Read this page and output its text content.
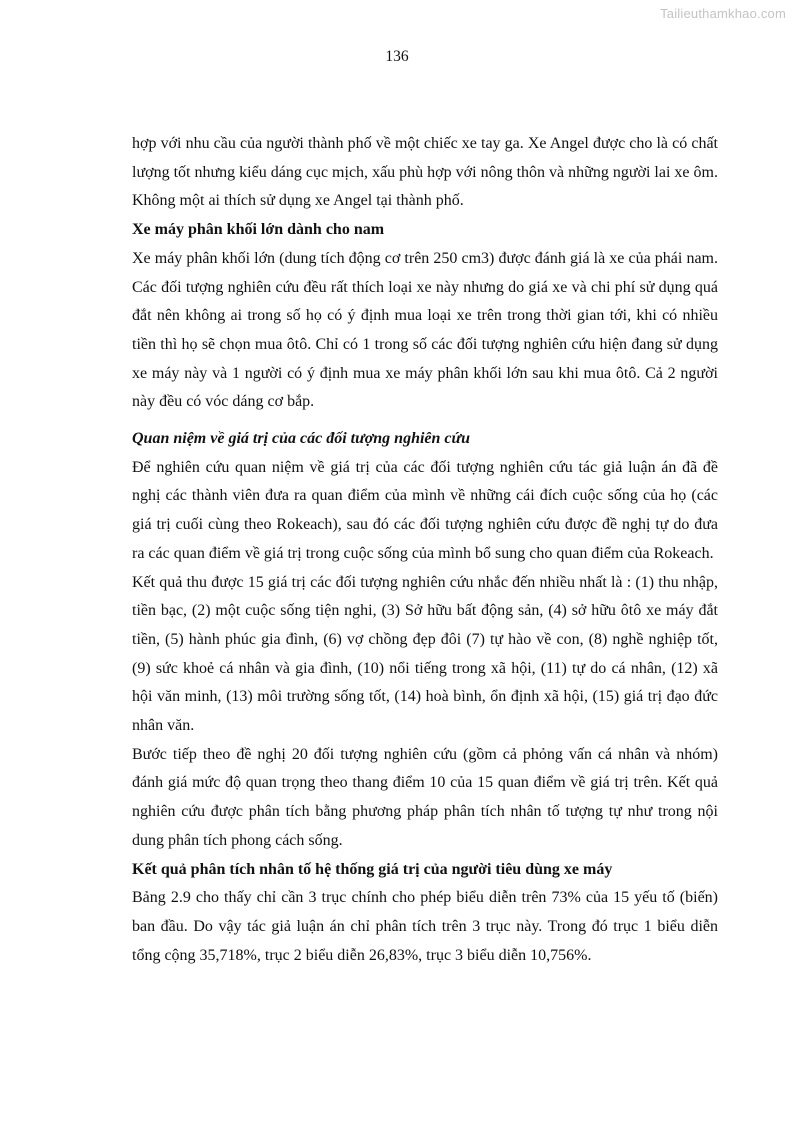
Tailieuthamkhao.com
136

hợp với nhu cầu của người thành phố về một chiếc xe tay ga. Xe Angel được cho là có chất lượng tốt nhưng kiểu dáng cục mịch, xấu phù hợp với nông thôn và những người lai xe ôm. Không một ai thích sử dụng xe Angel tại thành phố.

Xe máy phân khối lớn dành cho nam

Xe máy phân khối lớn (dung tích động cơ trên 250 cm3) được đánh giá là xe của phái nam. Các đối tượng nghiên cứu đều rất thích loại xe này nhưng do giá xe và chi phí sử dụng quá đắt nên không ai trong số họ có ý định mua loại xe trên trong thời gian tới, khi có nhiều tiền thì họ sẽ chọn mua ôtô. Chỉ có 1 trong số các đối tượng nghiên cứu hiện đang sử dụng xe máy này và 1 người có ý định mua xe máy phân khối lớn sau khi mua ôtô. Cả 2 người này đều có vóc dáng cơ bắp.

Quan niệm về giá trị của các đối tượng nghiên cứu

Để nghiên cứu quan niệm về giá trị của các đối tượng nghiên cứu tác giả luận án đã đề nghị các thành viên đưa ra quan điểm của mình về những cái đích cuộc sống của họ (các giá trị cuối cùng theo Rokeach), sau đó các đối tượng nghiên cứu được đề nghị tự do đưa ra các quan điểm về giá trị trong cuộc sống của mình bổ sung cho quan điểm của Rokeach.

Kết quả thu được 15 giá trị các đối tượng nghiên cứu nhắc đến nhiều nhất là : (1) thu nhập, tiền bạc, (2) một cuộc sống tiện nghi, (3) Sở hữu bất động sản, (4) sở hữu ôtô xe máy đắt tiền, (5) hành phúc gia đình, (6) vợ chồng đẹp đôi (7) tự hào về con, (8) nghề nghiệp tốt, (9) sức khoẻ cá nhân và gia đình, (10) nổi tiếng trong xã hội, (11) tự do cá nhân, (12) xã hội văn minh, (13) môi trường sống tốt, (14) hoà bình, ổn định xã hội, (15) giá trị đạo đức nhân văn.

Bước tiếp theo đề nghị 20 đối tượng nghiên cứu (gồm cả phỏng vấn cá nhân và nhóm) đánh giá mức độ quan trọng theo thang điểm 10 của 15 quan điểm về giá trị trên. Kết quả nghiên cứu được phân tích bằng phương pháp phân tích nhân tố tượng tự như trong nội dung phân tích phong cách sống.

Kết quả phân tích nhân tố hệ thống giá trị của người tiêu dùng xe máy

Bảng 2.9 cho thấy chỉ cần 3 trục chính cho phép biểu diễn trên 73% của 15 yếu tố (biến) ban đầu. Do vậy tác giả luận án chỉ phân tích trên 3 trục này. Trong đó trục 1 biểu diễn tổng cộng 35,718%, trục 2 biểu diễn 26,83%, trục 3 biểu diễn 10,756%.
